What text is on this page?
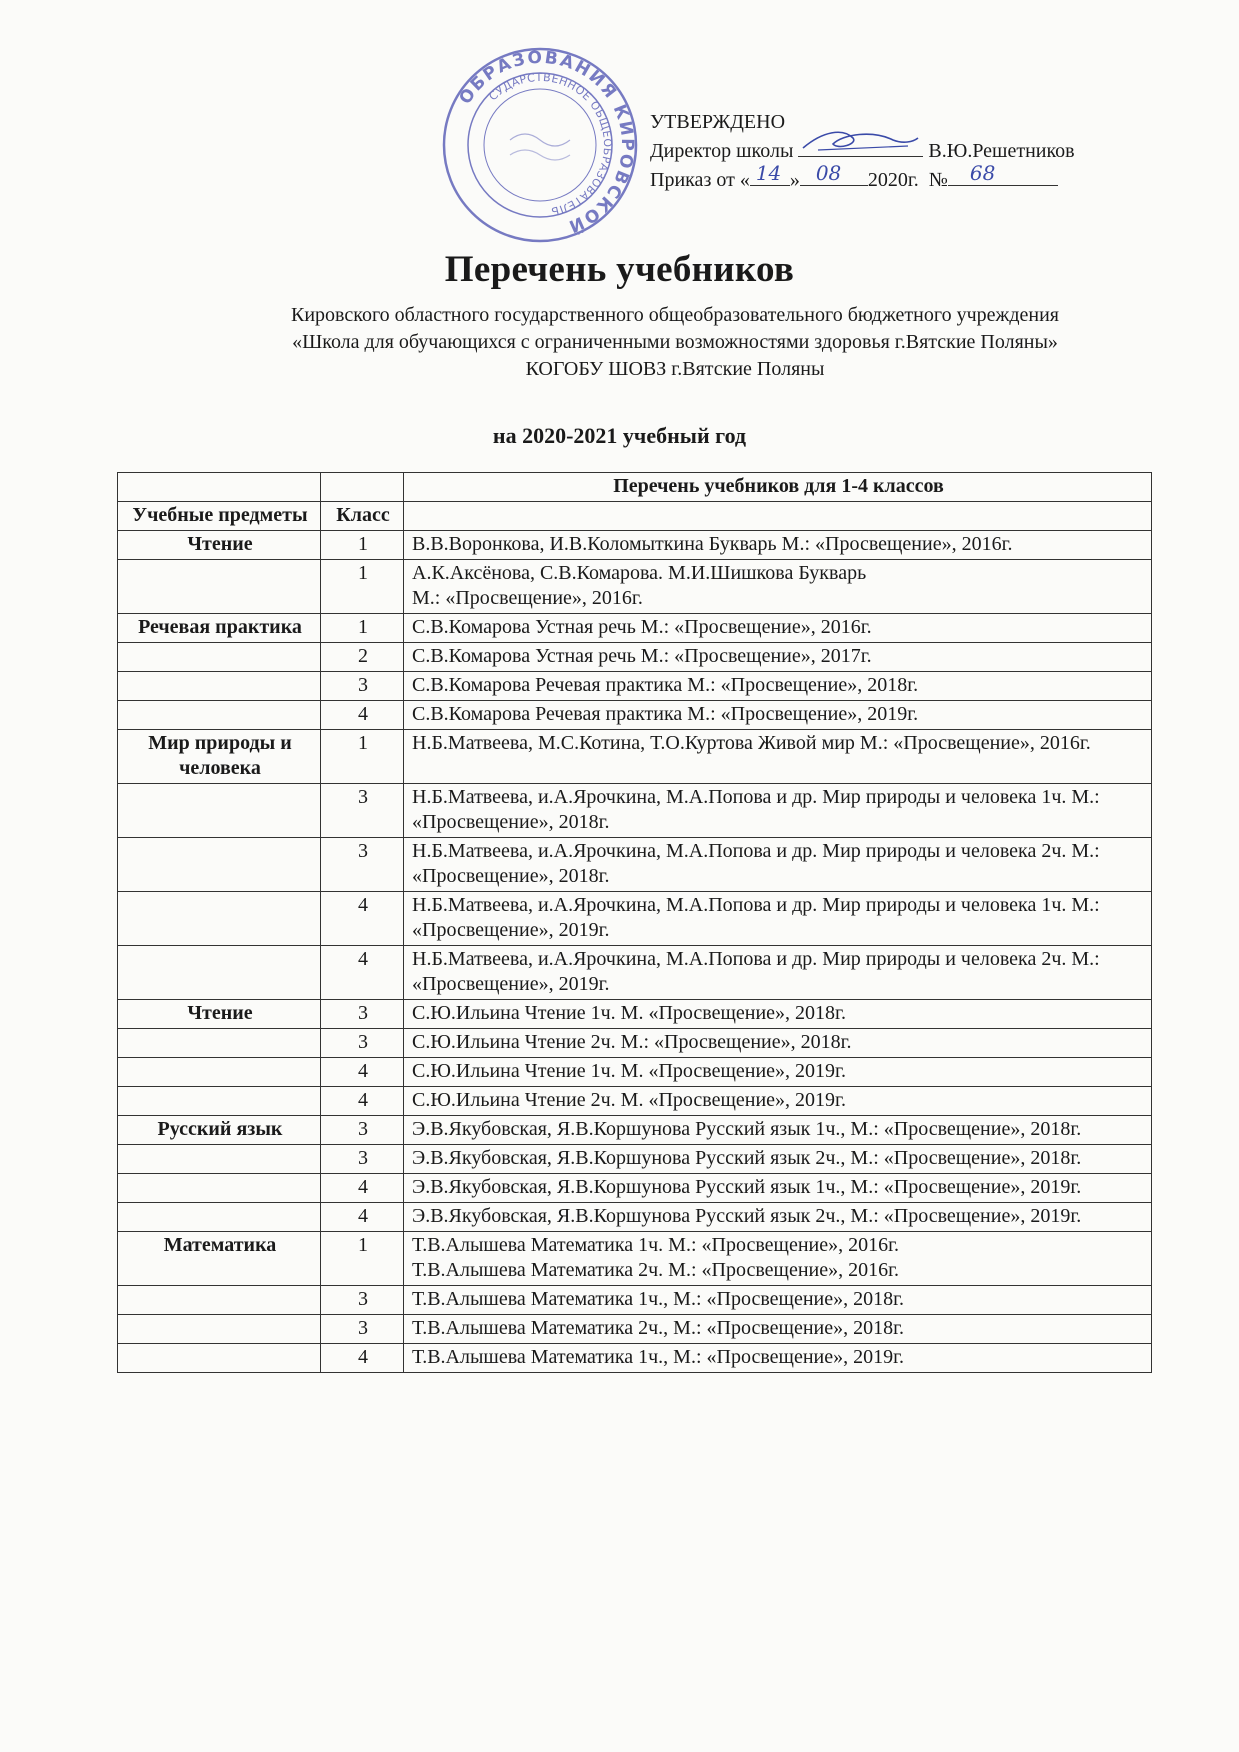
ОБРАЗОВАНИЯ КИРОВСКОЙ
СУДАРСТВЕННОЕ ОБЩЕОБРАЗОВАТЕЛЬ
УТВЕРЖДЕНО
Директор школы	В.Ю.Решетников
Приказ от « 14 » 08 2020г. № 68
Перечень учебников
Кировского областного государственного общеобразовательного бюджетного учреждения
«Школа для обучающихся с ограниченными возможностями здоровья г.Вятские Поляны»
КОГОБУ ШОВЗ г.Вятские Поляны
на 2020-2021 учебный год
		Перечень учебников для 1-4 классов
Учебные предметы	Класс	
Чтение	1	В.В.Воронкова, И.В.Коломыткина Букварь М.: «Просвещение», 2016г.
	1	А.К.Аксёнова, С.В.Комарова. М.И.Шишкова Букварь
М.: «Просвещение», 2016г.
Речевая практика	1	С.В.Комарова Устная речь М.: «Просвещение», 2016г.

	2	С.В.Комарова Устная речь М.: «Просвещение», 2017г.
	3	С.В.Комарова Речевая практика М.: «Просвещение», 2018г.
	4	С.В.Комарова Речевая практика М.: «Просвещение», 2019г.
Мир природы и человека	1	Н.Б.Матвеева, М.С.Котина, Т.О.Куртова Живой мир М.: «Просвещение», 2016г.
	3	Н.Б.Матвеева, и.А.Ярочкина, М.А.Попова и др. Мир природы и человека 1ч. М.: «Просвещение», 2018г.
	3	Н.Б.Матвеева, и.А.Ярочкина, М.А.Попова и др. Мир природы и человека 2ч. М.: «Просвещение», 2018г.
	4	Н.Б.Матвеева, и.А.Ярочкина, М.А.Попова и др. Мир природы и человека 1ч. М.: «Просвещение», 2019г.
	4	Н.Б.Матвеева, и.А.Ярочкина, М.А.Попова и др. Мир природы и человека 2ч. М.: «Просвещение», 2019г.
Чтение	3	С.Ю.Ильина Чтение 1ч. М. «Просвещение», 2018г.
	3	С.Ю.Ильина Чтение 2ч. М.: «Просвещение», 2018г.
	4	С.Ю.Ильина Чтение 1ч. М. «Просвещение», 2019г.
	4	С.Ю.Ильина Чтение 2ч. М. «Просвещение», 2019г.
Русский язык	3	Э.В.Якубовская, Я.В.Коршунова Русский язык 1ч., М.: «Просвещение», 2018г.
	3	Э.В.Якубовская, Я.В.Коршунова Русский язык 2ч., М.: «Просвещение», 2018г.
	4	Э.В.Якубовская, Я.В.Коршунова Русский язык 1ч., М.: «Просвещение», 2019г.
	4	Э.В.Якубовская, Я.В.Коршунова Русский язык 2ч., М.: «Просвещение», 2019г.
Математика	1	Т.В.Алышева Математика 1ч. М.: «Просвещение», 2016г.
Т.В.Алышева Математика 2ч. М.: «Просвещение», 2016г.
	3	Т.В.Алышева Математика 1ч., М.: «Просвещение», 2018г.
	3	Т.В.Алышева Математика 2ч., М.: «Просвещение», 2018г.
	4	Т.В.Алышева Математика 1ч., М.: «Просвещение», 2019г.
